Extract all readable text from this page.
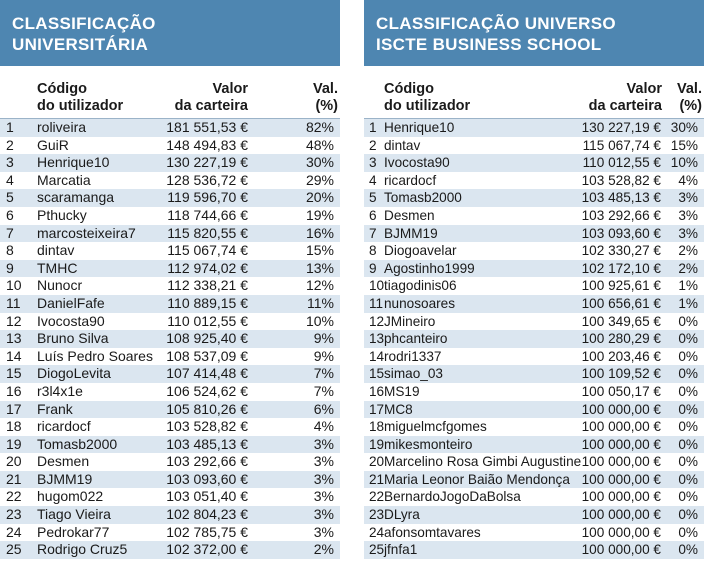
CLASSIFICAÇÃO
UNIVERSITÁRIA
Código
do utilizador
Valor
da carteira
Val.
(%)
1 roliveira	181 551,53 €	82%
2 GuiR	148 494,83 €	48%
3 Henrique10	130 227,19 €	30%
4 Marcatia	128 536,72 €	29%
5 scaramanga	119 596,70 €	20%
6 Pthucky	118 744,66 €	19%
7 marcosteixeira7 115 820,55 €	16%
8 dintav	115 067,74 €	15%
9 TMHC	112 974,02 €	13%
10 Nunocr	112 338,21 €	12%
11 DanielFafe	110 889,15 €	11%
12 Ivocosta90	110 012,55 €	10%
13 Bruno Silva	108 925,40 €	9%
14 Luís Pedro Soares 108 537,09 €	9%
15 DiogoLevita	107 414,48 €	7%
16 r3l4x1e	106 524,62 €	7%
17 Frank	105 810,26 €	6%
18 ricardocf	103 528,82 €	4%
19 Tomasb2000	103 485,13 €	3%
20 Desmen	103 292,66 €	3%
21 BJMM19	103 093,60 €	3%
22 hugom022	103 051,40 €	3%
23 Tiago Vieira	102 804,23 €	3%
24 Pedrokar77	102 785,75 €	3%
25 Rodrigo Cruz5	102 372,00 €	2%
CLASSIFICAÇÃO UNIVERSO
ISCTE BUSINESS SCHOOL
Código
do utilizador
Valor
da carteira
Val.
(%)
1 Henrique10	130 227,19 € 30%
2 dintav	115 067,74 € 15%
3 Ivocosta90	110 012,55 € 10%
4 ricardocf	103 528,82 € 4%
5 Tomasb2000	103 485,13 € 3%
6 Desmen	103 292,66 € 3%
7 BJMM19	103 093,60 € 3%
8 Diogoavelar	102 330,27 € 2%
9 Agostinho1999	102 172,10 € 2%
10 tiagodinis06	100 925,61 € 1%
11 nunosoares	100 656,61 € 1%
12 JMineiro	100 349,65 € 0%
13 phcanteiro	100 280,29 € 0%
14 rodri1337	100 203,46 € 0%
15 simao_03	100 109,52 € 0%
16 MS19	100 050,17 € 0%
17 MC8	100 000,00 € 0%
18 miguelmcfgomes	100 000,00 € 0%
19 mikesmonteiro	100 000,00 € 0%
20 Marcelino Rosa Gimbi Augustine 100 000,00 € 0%
21 Maria Leonor Baião Mendonça 100 000,00 € 0%
22 BernardoJogoDaBolsa	100 000,00 € 0%
23 DLyra	100 000,00 € 0%
24 afonsomtavares	100 000,00 € 0%
25 jfnfa1	100 000,00 € 0%
